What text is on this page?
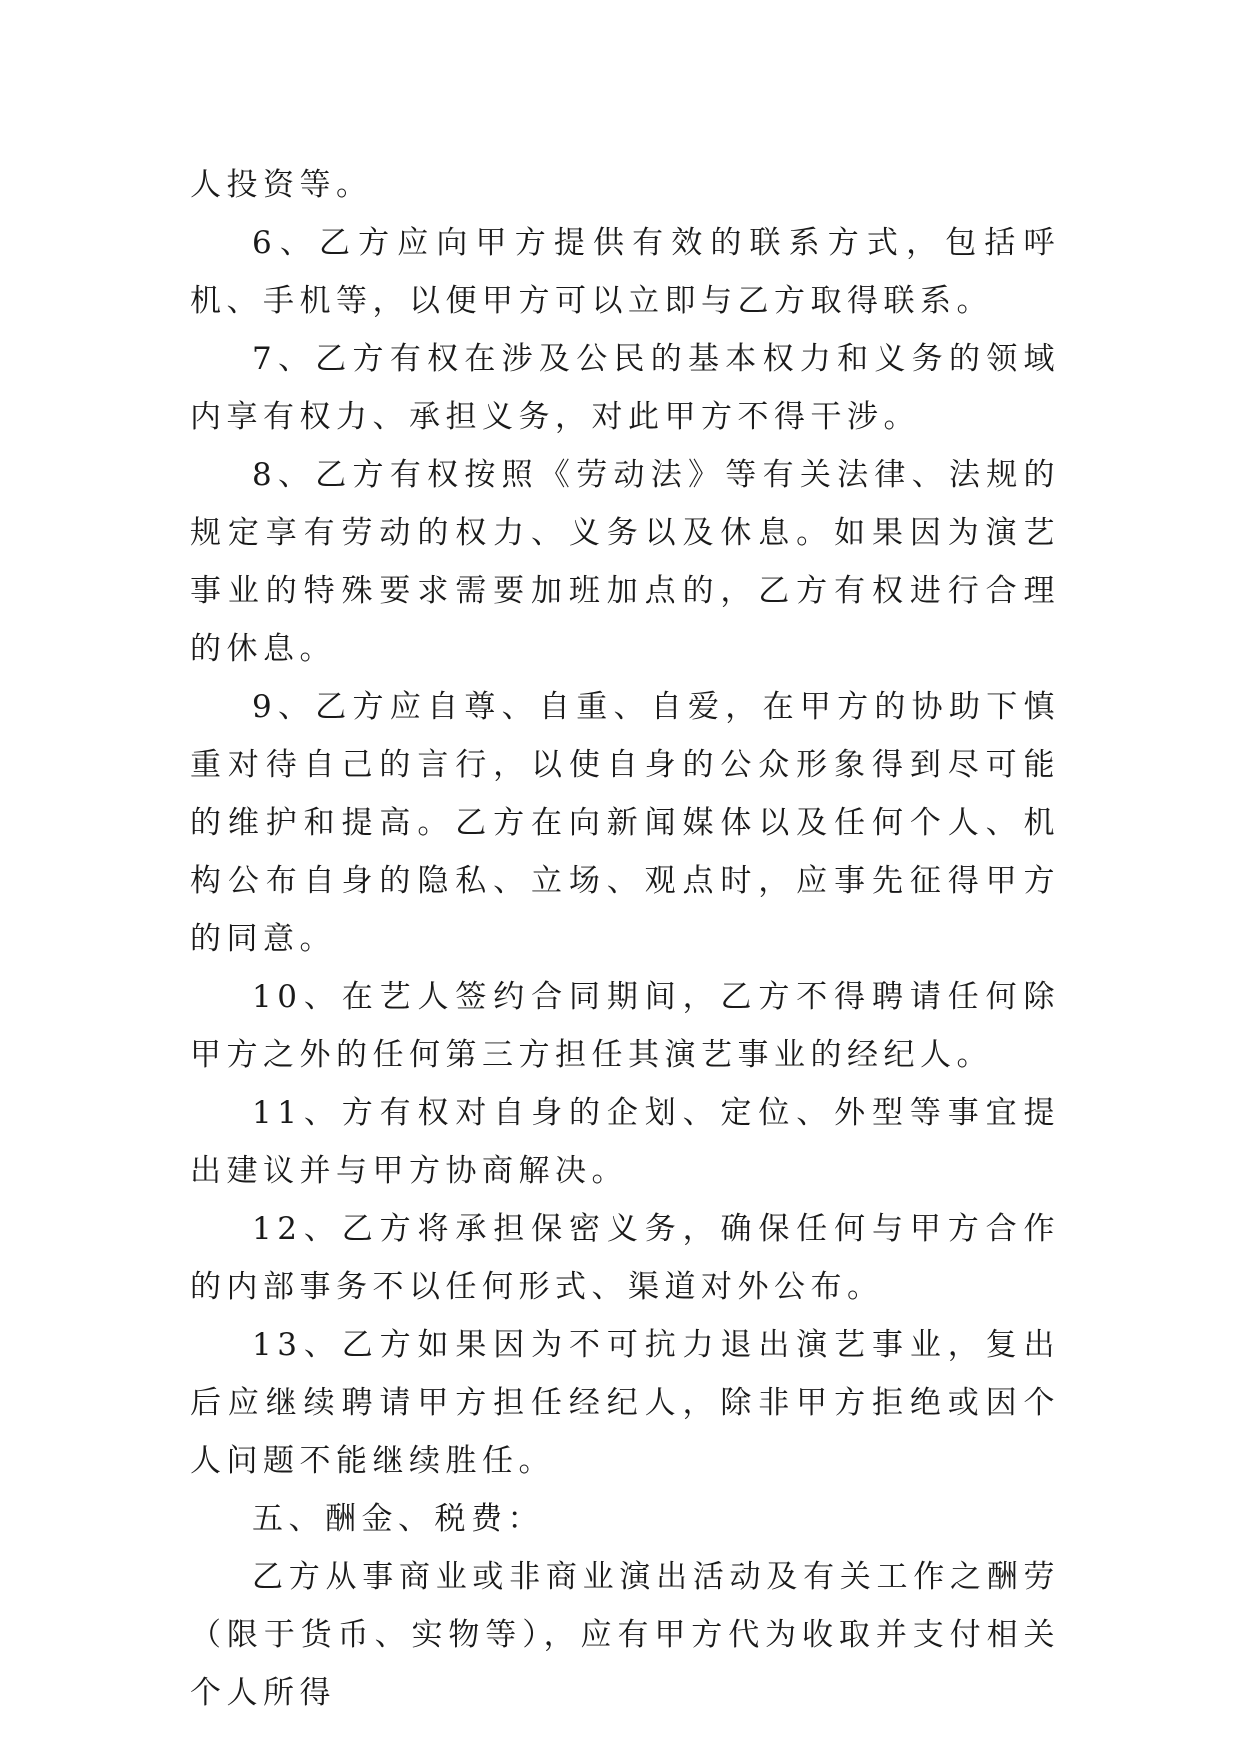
人投资等。

6、乙方应向甲方提供有效的联系方式，包括呼机、手机等，以便甲方可以立即与乙方取得联系。

7、乙方有权在涉及公民的基本权力和义务的领域内享有权力、承担义务，对此甲方不得干涉。

8、乙方有权按照《劳动法》等有关法律、法规的规定享有劳动的权力、义务以及休息。如果因为演艺事业的特殊要求需要加班加点的，乙方有权进行合理的休息。

9、乙方应自尊、自重、自爱，在甲方的协助下慎重对待自己的言行，以使自身的公众形象得到尽可能的维护和提高。乙方在向新闻媒体以及任何个人、机构公布自身的隐私、立场、观点时，应事先征得甲方的同意。

10、在艺人签约合同期间，乙方不得聘请任何除甲方之外的任何第三方担任其演艺事业的经纪人。

11、方有权对自身的企划、定位、外型等事宜提出建议并与甲方协商解决。

12、乙方将承担保密义务，确保任何与甲方合作的内部事务不以任何形式、渠道对外公布。

13、乙方如果因为不可抗力退出演艺事业，复出后应继续聘请甲方担任经纪人，除非甲方拒绝或因个人问题不能继续胜任。

五、酬金、税费：

乙方从事商业或非商业演出活动及有关工作之酬劳（限于货币、实物等），应有甲方代为收取并支付相关个人所得
